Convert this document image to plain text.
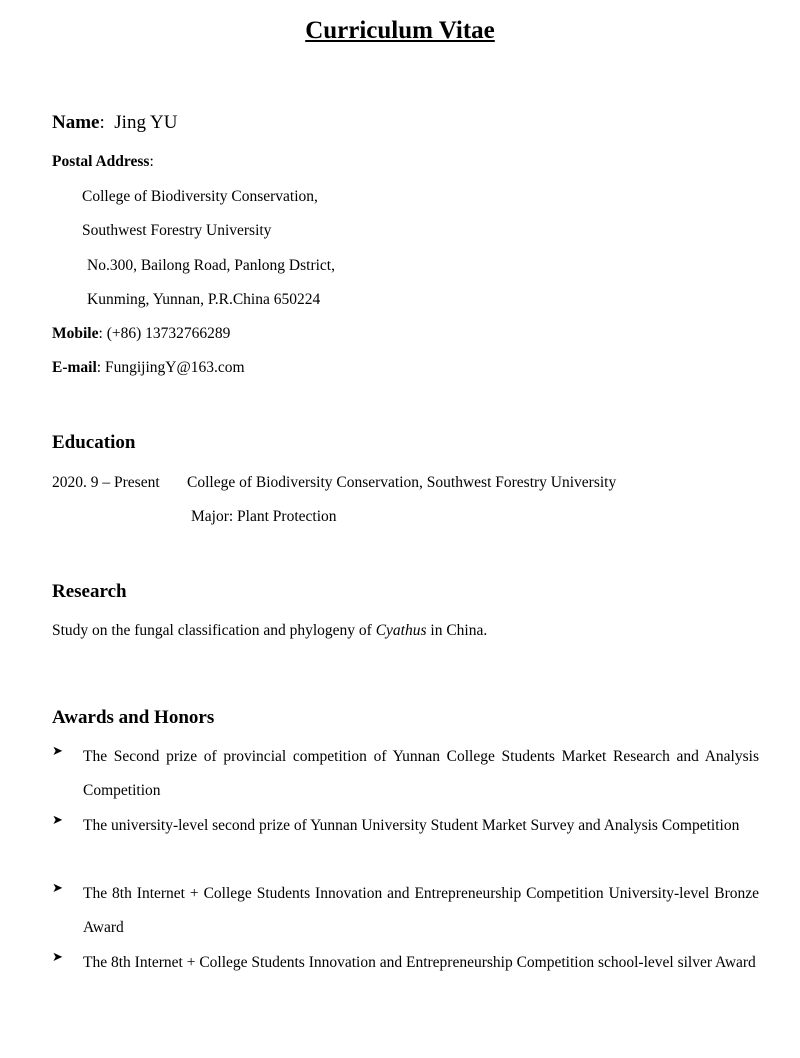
Curriculum Vitae
Name:  Jing YU
Postal Address:
College of Biodiversity Conservation,
Southwest Forestry University
No.300, Bailong Road, Panlong Dstrict,
Kunming, Yunnan, P.R.China 650224
Mobile: (+86) 13732766289
E-mail: FungijingY@163.com
Education
2020. 9 – Present College of Biodiversity Conservation, Southwest Forestry University
Major: Plant Protection
Research
Study on the fungal classification and phylogeny of Cyathus in China.
Awards and Honors
➤ The Second prize of provincial competition of Yunnan College Students Market Research and Analysis Competition
➤ The university-level second prize of Yunnan University Student Market Survey and Analysis Competition
➤ The 8th Internet + College Students Innovation and Entrepreneurship Competition University-level Bronze Award
➤ The 8th Internet + College Students Innovation and Entrepreneurship Competition school-level silver Award
